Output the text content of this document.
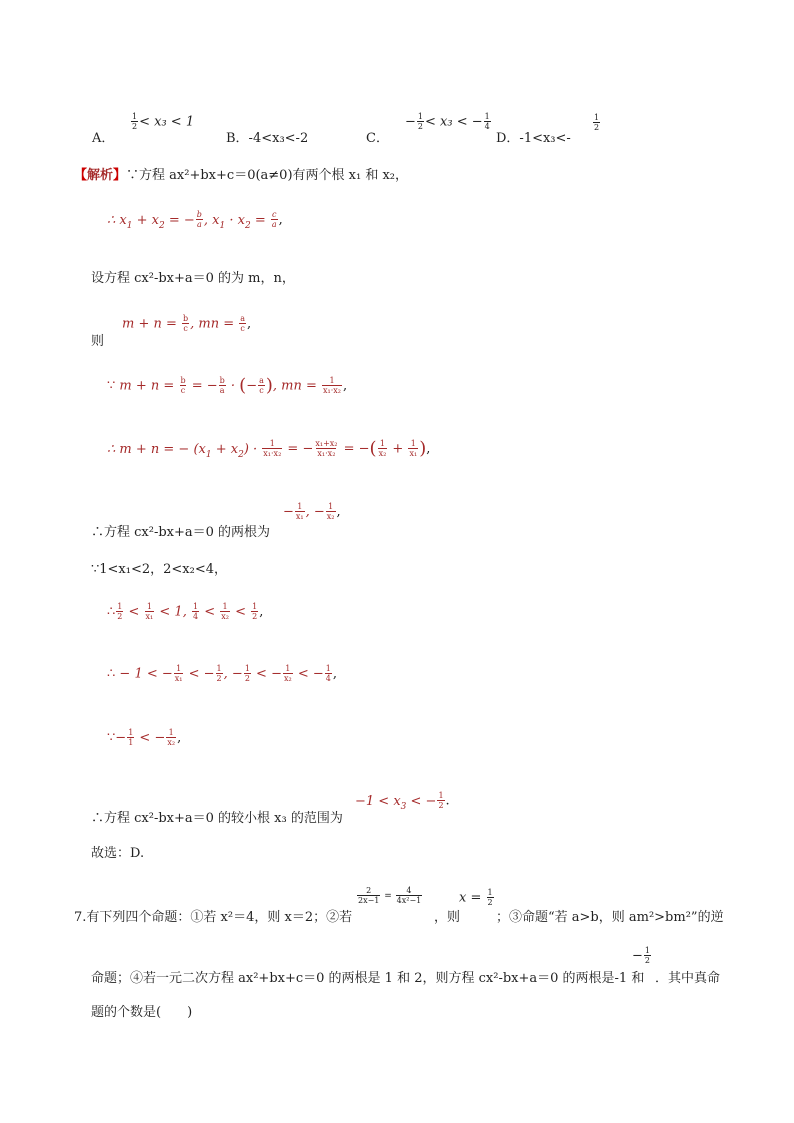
A．
$\frac{1}{2} < x_3 < 1$
B．-4<x₃<-2	C．
− $\frac{1}{2} < x_3$ < − $\frac{1}{4}$
D．-1<x₃<-
$\frac{1}{2}$
【解析】∵方程 ax²+bx+c＝0(a≠0)有两个根 x₁ 和 x₂，
∴ $x_1 + x_2$ = − $\frac{b}{a}$ , $x_1 \cdot x_2 = \frac{c}{a}$ ,
设方程 cx²-bx+a＝0 的为 m，n，
则
$m + n = \frac{b}{c}$ , mn = $\frac{a}{c}$ ,
∵ $m + n = \frac{b}{c}$ = − $\frac{b}{a}$ · (− $\frac{a}{c}$ ), mn = $\frac{1}{\text{x₁·x₂}}$ ,
∴ m + n = − $(x_1 + x_2) \cdot \frac{1}{\text{x₁·x₂}}$ = − $\frac{\text{x₁+x₂}}{\text{x₁·x₂}}$ = −( $\frac{1}{\text{x₂}} + \frac{1}{\text{x₁}}$ ),
∴方程 cx²-bx+a＝0 的两根为
− $\frac{1}{\text{x₁}}$ , − $\frac{1}{\text{x₂}}$ ,
∵1<x₁<2，2<x₂<4，
∴ $\frac{1}{2} < \frac{1}{\text{x₁}} < 1$, $\frac{1}{4} < \frac{1}{\text{x₂}} < \frac{1}{2}$ ,
∴ − 1 < − $\frac{1}{\text{x₁}}$ < − $\frac{1}{2}$ , − $\frac{1}{2}$ < − $\frac{1}{\text{x₂}}$ < − $\frac{1}{4}$ ,
∵− $\frac{1}{1}$ < − $\frac{1}{\text{x₂}}$ ,
∴方程 cx²-bx+a＝0 的较小根 x₃ 的范围为
$-1 < x_3$ < − $\frac{1}{2}$ .
故选：D.
7.有下列四个命题：①若 x²＝4，则 x＝2；②若
$\frac{2}{2x-1} = \frac{4}{\text{4x²−1}}$
，则
$x = \frac{1}{2}$
；③命题“若 a>b，则 am²>bm²”的逆
命题；④若一元二次方程 ax²+bx+c＝0 的两根是 1 和 2，则方程 cx²-bx+a＝0 的两根是-1 和
− $\frac{1}{2}$
．其中真命
题的个数是(　　)
